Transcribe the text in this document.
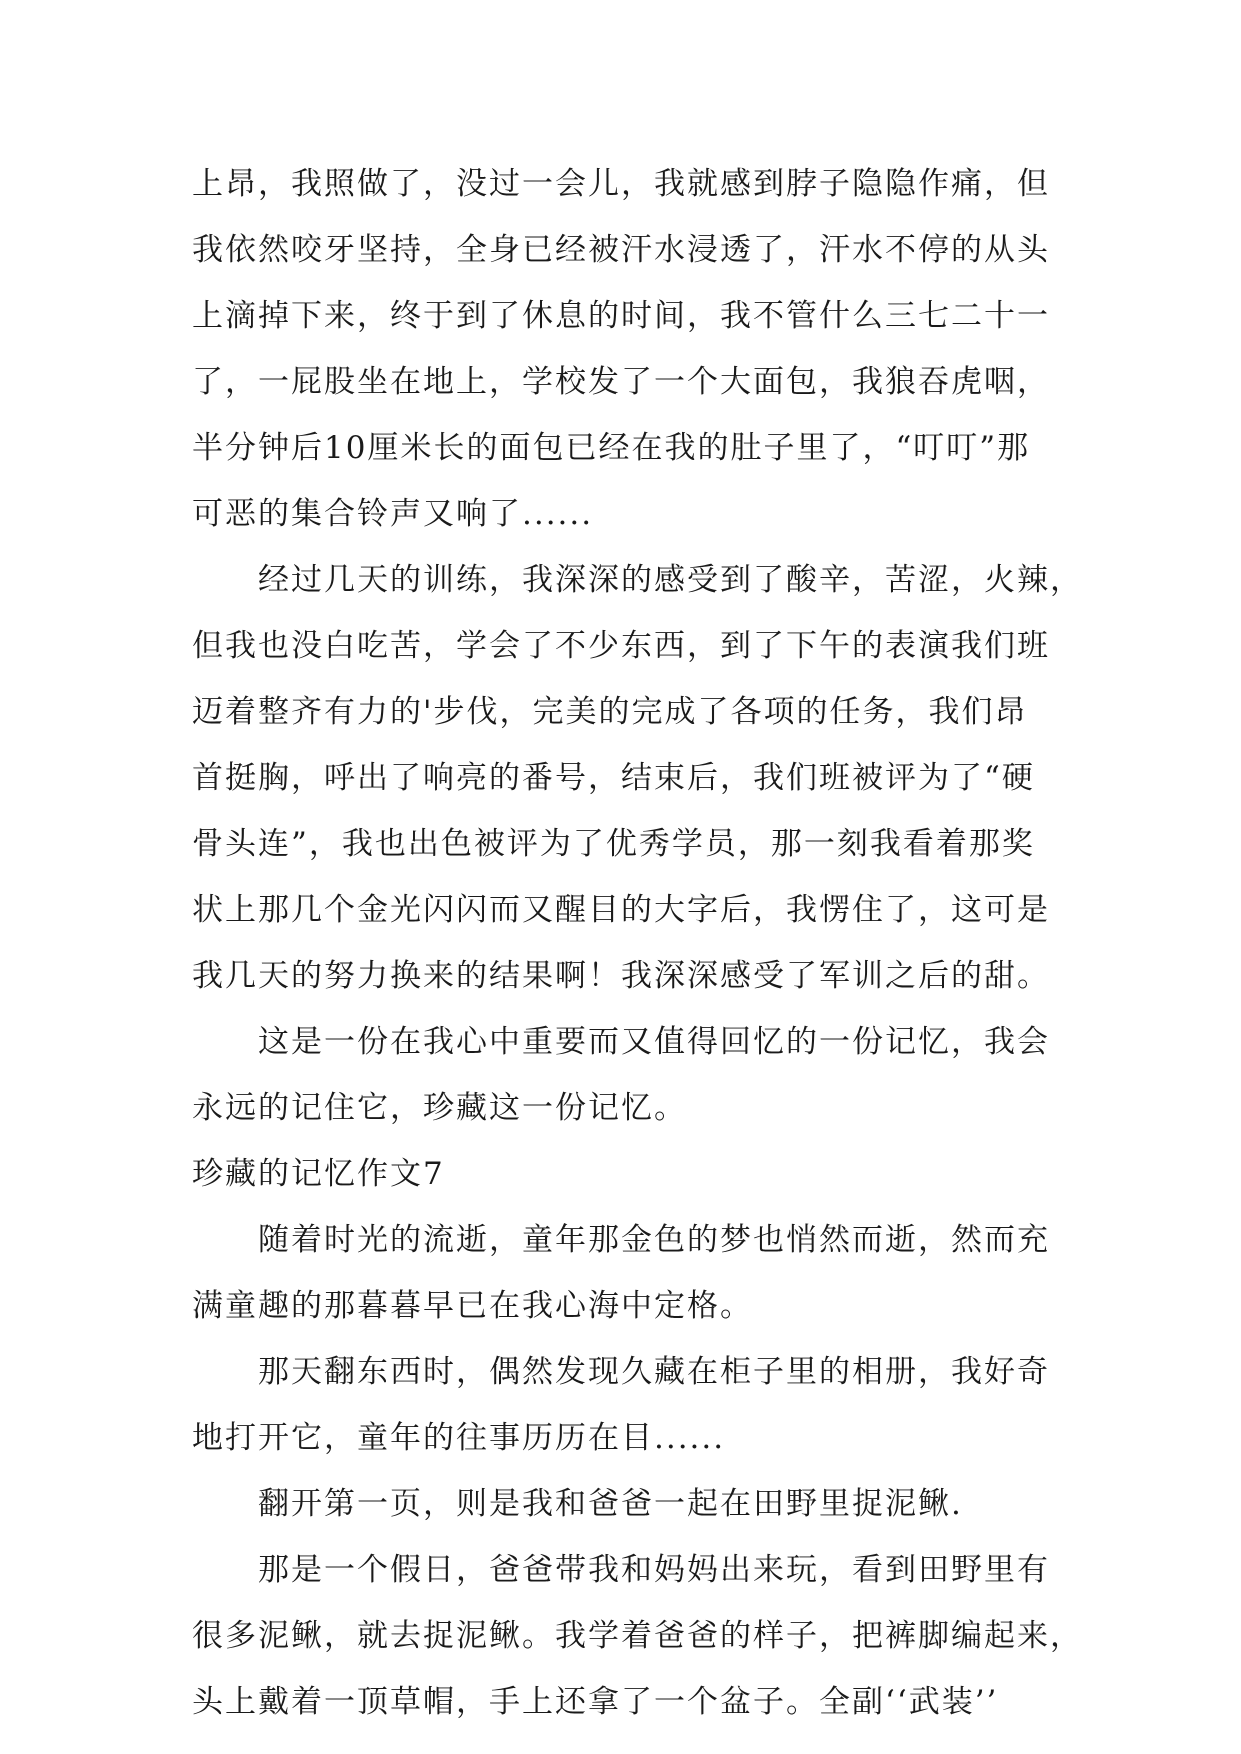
上昂，我照做了，没过一会儿，我就感到脖子隐隐作痛，但
我依然咬牙坚持，全身已经被汗水浸透了，汗水不停的从头
上滴掉下来，终于到了休息的时间，我不管什么三七二十一
了，一屁股坐在地上，学校发了一个大面包，我狼吞虎咽，
半分钟后10厘米长的面包已经在我的肚子里了，“叮叮”那
可恶的集合铃声又响了......
经过几天的训练，我深深的感受到了酸辛，苦涩，火辣，
但我也没白吃苦，学会了不少东西，到了下午的表演我们班
迈着整齐有力的'步伐，完美的完成了各项的任务，我们昂
首挺胸，呼出了响亮的番号，结束后，我们班被评为了“硬
骨头连”，我也出色被评为了优秀学员，那一刻我看着那奖
状上那几个金光闪闪而又醒目的大字后，我愣住了，这可是
我几天的努力换来的结果啊！我深深感受了军训之后的甜。
这是一份在我心中重要而又值得回忆的一份记忆，我会
永远的记住它，珍藏这一份记忆。
珍藏的记忆作文7
随着时光的流逝，童年那金色的梦也悄然而逝，然而充
满童趣的那暮暮早已在我心海中定格。
那天翻东西时，偶然发现久藏在柜子里的相册，我好奇
地打开它，童年的往事历历在目......
翻开第一页，则是我和爸爸一起在田野里捉泥鳅.
那是一个假日，爸爸带我和妈妈出来玩，看到田野里有
很多泥鳅，就去捉泥鳅。我学着爸爸的样子，把裤脚编起来，
头上戴着一顶草帽，手上还拿了一个盆子。全副‘‘武装’’
